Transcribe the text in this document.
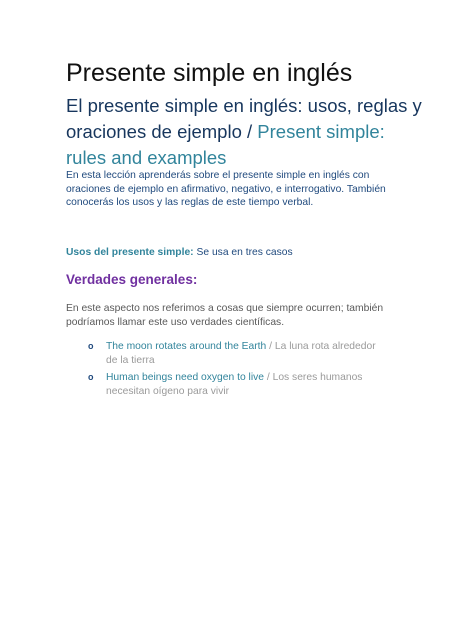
Presente simple en inglés
El presente simple en inglés: usos, reglas y oraciones de ejemplo / Present simple: rules and examples
En esta lección aprenderás sobre el presente simple en inglés con oraciones de ejemplo en afirmativo, negativo, e interrogativo. También conocerás los usos y las reglas de este tiempo verbal.
Usos del presente simple: Se usa en tres casos
Verdades generales:
En este aspecto nos referimos a cosas que siempre ocurren; también podríamos llamar este uso verdades científicas.
o The moon rotates around the Earth / La luna rota alrededor de la tierra
o Human beings need oxygen to live / Los seres humanos necesitan oígeno para vivir
